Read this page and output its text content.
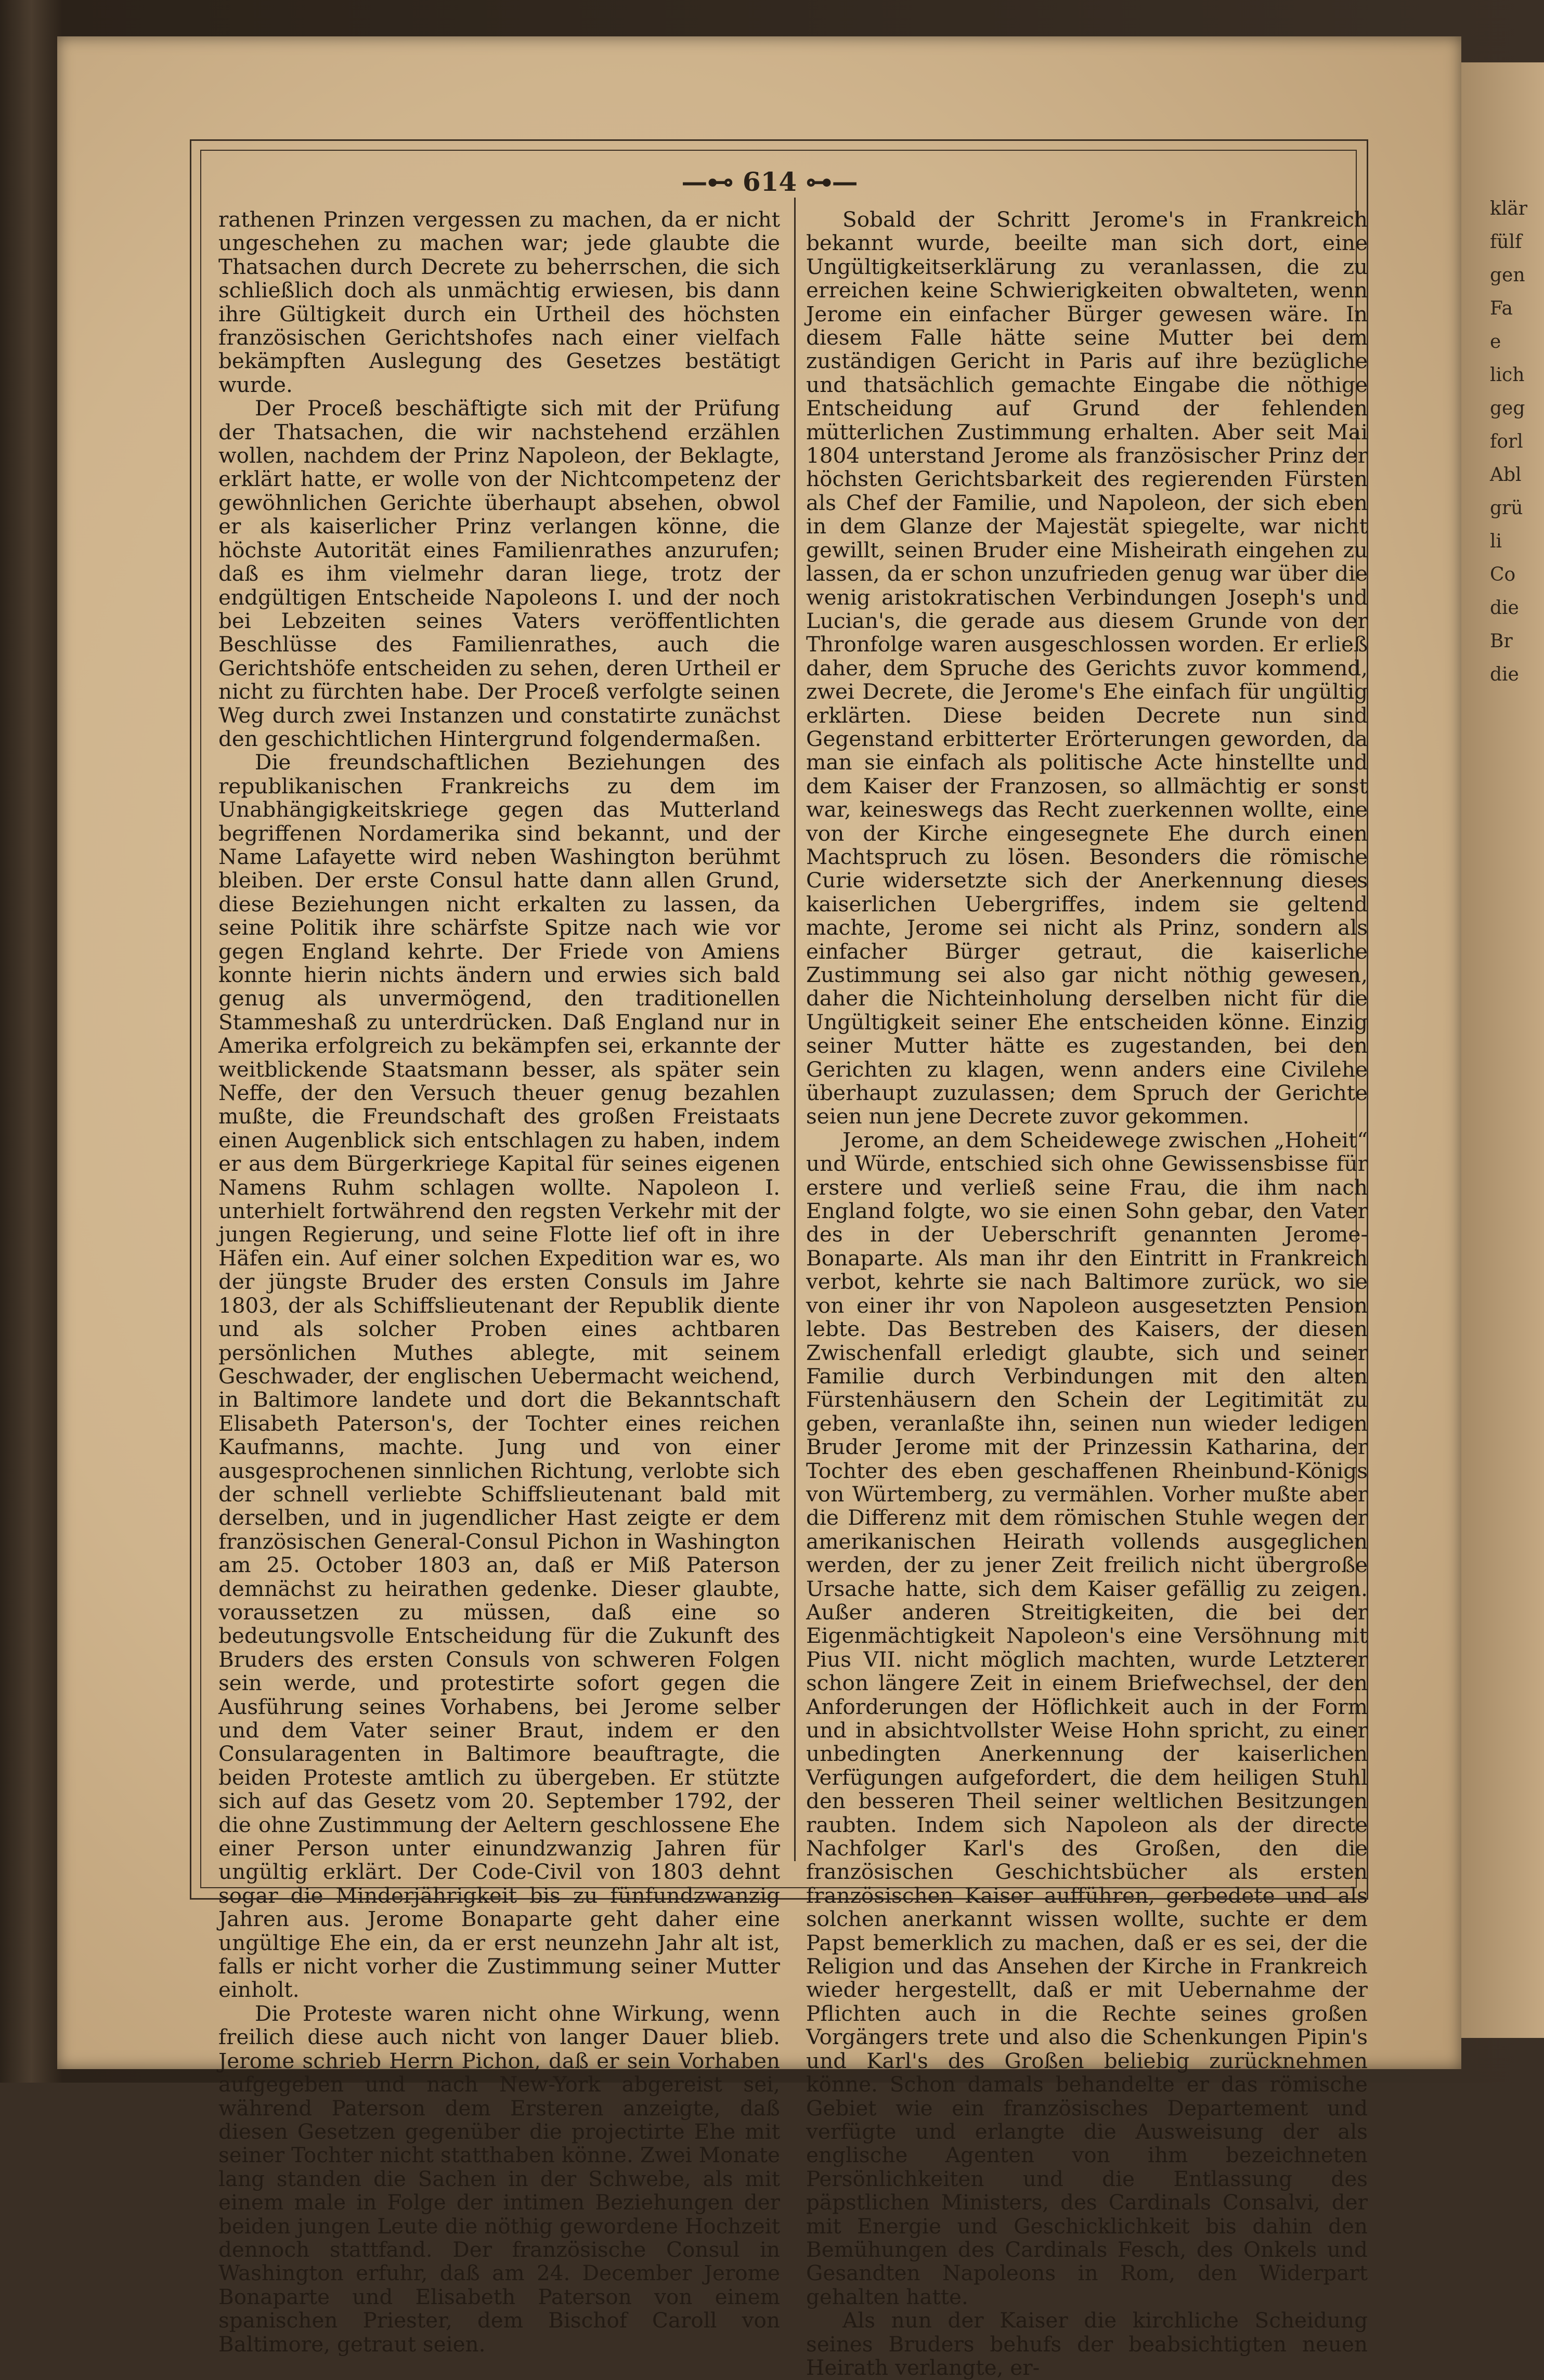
klär
fülf
gen
Fa
e
lich
geg
forl
Abl
grü
li
Co
die
Br
die
—⊷ 614 ⊶—

rathenen Prinzen vergessen zu machen, da er nicht ungeschehen zu machen war; jede glaubte die Thatsachen durch Decrete zu beherrschen, die sich schließlich doch als unmächtig erwiesen, bis dann ihre Gültigkeit durch ein Urtheil des höchsten französischen Gerichtshofes nach einer vielfach bekämpften Auslegung des Gesetzes bestätigt wurde.

Der Proceß beschäftigte sich mit der Prüfung der Thatsachen, die wir nachstehend erzählen wollen, nachdem der Prinz Napoleon, der Beklagte, erklärt hatte, er wolle von der Nichtcompetenz der gewöhnlichen Gerichte überhaupt absehen, obwol er als kaiserlicher Prinz verlangen könne, die höchste Autorität eines Familienrathes anzurufen; daß es ihm vielmehr daran liege, trotz der endgültigen Entscheide Napoleons I. und der noch bei Lebzeiten seines Vaters veröffentlichten Beschlüsse des Familienrathes, auch die Gerichtshöfe entscheiden zu sehen, deren Urtheil er nicht zu fürchten habe. Der Proceß verfolgte seinen Weg durch zwei Instanzen und constatirte zunächst den geschichtlichen Hintergrund folgendermaßen.

Die freundschaftlichen Beziehungen des republikanischen Frankreichs zu dem im Unabhängigkeitskriege gegen das Mutterland begriffenen Nordamerika sind bekannt, und der Name Lafayette wird neben Washington berühmt bleiben. Der erste Consul hatte dann allen Grund, diese Beziehungen nicht erkalten zu lassen, da seine Politik ihre schärfste Spitze nach wie vor gegen England kehrte. Der Friede von Amiens konnte hierin nichts ändern und erwies sich bald genug als unvermögend, den traditionellen Stammeshaß zu unterdrücken. Daß England nur in Amerika erfolgreich zu bekämpfen sei, erkannte der weitblickende Staatsmann besser, als später sein Neffe, der den Versuch theuer genug bezahlen mußte, die Freundschaft des großen Freistaats einen Augenblick sich entschlagen zu haben, indem er aus dem Bürgerkriege Kapital für seines eigenen Namens Ruhm schlagen wollte. Napoleon I. unterhielt fortwährend den regsten Verkehr mit der jungen Regierung, und seine Flotte lief oft in ihre Häfen ein. Auf einer solchen Expedition war es, wo der jüngste Bruder des ersten Consuls im Jahre 1803, der als Schiffslieutenant der Republik diente und als solcher Proben eines achtbaren persönlichen Muthes ablegte, mit seinem Geschwader, der englischen Uebermacht weichend, in Baltimore landete und dort die Bekanntschaft Elisabeth Paterson's, der Tochter eines reichen Kaufmanns, machte. Jung und von einer ausgesprochenen sinnlichen Richtung, verlobte sich der schnell verliebte Schiffslieutenant bald mit derselben, und in jugendlicher Hast zeigte er dem französischen General-Consul Pichon in Washington am 25. October 1803 an, daß er Miß Paterson demnächst zu heirathen gedenke. Dieser glaubte, voraussetzen zu müssen, daß eine so bedeutungsvolle Entscheidung für die Zukunft des Bruders des ersten Consuls von schweren Folgen sein werde, und protestirte sofort gegen die Ausführung seines Vorhabens, bei Jerome selber und dem Vater seiner Braut, indem er den Consularagenten in Baltimore beauftragte, die beiden Proteste amtlich zu übergeben. Er stützte sich auf das Gesetz vom 20. September 1792, der die ohne Zustimmung der Aeltern geschlossene Ehe einer Person unter einundzwanzig Jahren für ungültig erklärt. Der Code-Civil von 1803 dehnt sogar die Minderjährigkeit bis zu fünfundzwanzig Jahren aus. Jerome Bonaparte geht daher eine ungültige Ehe ein, da er erst neunzehn Jahr alt ist, falls er nicht vorher die Zustimmung seiner Mutter einholt.

Die Proteste waren nicht ohne Wirkung, wenn freilich diese auch nicht von langer Dauer blieb. Jerome schrieb Herrn Pichon, daß er sein Vorhaben aufgegeben und nach New-York abgereist sei, während Paterson dem Ersteren anzeigte, daß diesen Gesetzen gegenüber die projectirte Ehe mit seiner Tochter nicht statthaben könne. Zwei Monate lang standen die Sachen in der Schwebe, als mit einem male in Folge der intimen Beziehungen der beiden jungen Leute die nöthig gewordene Hochzeit dennoch stattfand. Der französische Consul in Washington erfuhr, daß am 24. December Jerome Bonaparte und Elisabeth Paterson von einem spanischen Priester, dem Bischof Caroll von Baltimore, getraut seien.

Sobald der Schritt Jerome's in Frankreich bekannt wurde, beeilte man sich dort, eine Ungültigkeitserklärung zu veranlassen, die zu erreichen keine Schwierigkeiten obwalteten, wenn Jerome ein einfacher Bürger gewesen wäre. In diesem Falle hätte seine Mutter bei dem zuständigen Gericht in Paris auf ihre bezügliche und thatsächlich gemachte Eingabe die nöthige Entscheidung auf Grund der fehlenden mütterlichen Zustimmung erhalten. Aber seit Mai 1804 unterstand Jerome als französischer Prinz der höchsten Gerichtsbarkeit des regierenden Fürsten als Chef der Familie, und Napoleon, der sich eben in dem Glanze der Majestät spiegelte, war nicht gewillt, seinen Bruder eine Misheirath eingehen zu lassen, da er schon unzufrieden genug war über die wenig aristokratischen Verbindungen Joseph's und Lucian's, die gerade aus diesem Grunde von der Thronfolge waren ausgeschlossen worden. Er erließ daher, dem Spruche des Gerichts zuvor kommend, zwei Decrete, die Jerome's Ehe einfach für ungültig erklärten. Diese beiden Decrete nun sind Gegenstand erbitterter Erörterungen geworden, da man sie einfach als politische Acte hinstellte und dem Kaiser der Franzosen, so allmächtig er sonst war, keineswegs das Recht zuerkennen wollte, eine von der Kirche eingesegnete Ehe durch einen Machtspruch zu lösen. Besonders die römische Curie widersetzte sich der Anerkennung dieses kaiserlichen Uebergriffes, indem sie geltend machte, Jerome sei nicht als Prinz, sondern als einfacher Bürger getraut, die kaiserliche Zustimmung sei also gar nicht nöthig gewesen, daher die Nichteinholung derselben nicht für die Ungültigkeit seiner Ehe entscheiden könne. Einzig seiner Mutter hätte es zugestanden, bei den Gerichten zu klagen, wenn anders eine Civilehe überhaupt zuzulassen; dem Spruch der Gerichte seien nun jene Decrete zuvor gekommen.

Jerome, an dem Scheidewege zwischen „Hoheit“ und Würde, entschied sich ohne Gewissensbisse für erstere und verließ seine Frau, die ihm nach England folgte, wo sie einen Sohn gebar, den Vater des in der Ueberschrift genannten Jerome-Bonaparte. Als man ihr den Eintritt in Frankreich verbot, kehrte sie nach Baltimore zurück, wo sie von einer ihr von Napoleon ausgesetzten Pension lebte. Das Bestreben des Kaisers, der diesen Zwischenfall erledigt glaubte, sich und seiner Familie durch Verbindungen mit den alten Fürstenhäusern den Schein der Legitimität zu geben, veranlaßte ihn, seinen nun wieder ledigen Bruder Jerome mit der Prinzessin Katharina, der Tochter des eben geschaffenen Rheinbund-Königs von Würtemberg, zu vermählen. Vorher mußte aber die Differenz mit dem römischen Stuhle wegen der amerikanischen Heirath vollends ausgeglichen werden, der zu jener Zeit freilich nicht übergroße Ursache hatte, sich dem Kaiser gefällig zu zeigen. Außer anderen Streitigkeiten, die bei der Eigenmächtigkeit Napoleon's eine Versöhnung mit Pius VII. nicht möglich machten, wurde Letzterer schon längere Zeit in einem Briefwechsel, der den Anforderungen der Höflichkeit auch in der Form und in absichtvollster Weise Hohn spricht, zu einer unbedingten Anerkennung der kaiserlichen Verfügungen aufgefordert, die dem heiligen Stuhl den besseren Theil seiner weltlichen Besitzungen raubten. Indem sich Napoleon als der directe Nachfolger Karl's des Großen, den die französischen Geschichtsbücher als ersten französischen Kaiser aufführen, gerbedete und als solchen anerkannt wissen wollte, suchte er dem Papst bemerklich zu machen, daß er es sei, der die Religion und das Ansehen der Kirche in Frankreich wieder hergestellt, daß er mit Uebernahme der Pflichten auch in die Rechte seines großen Vorgängers trete und also die Schenkungen Pipin's und Karl's des Großen beliebig zurücknehmen könne. Schon damals behandelte er das römische Gebiet wie ein französisches Departement und verfügte und erlangte die Ausweisung der als englische Agenten von ihm bezeichneten Persönlichkeiten und die Entlassung des päpstlichen Ministers, des Cardinals Consalvi, der mit Energie und Geschicklichkeit bis dahin den Bemühungen des Cardinals Fesch, des Onkels und Gesandten Napoleons in Rom, den Widerpart gehalten hatte.

Als nun der Kaiser die kirchliche Scheidung seines Bruders behufs der beabsichtigten neuen Heirath verlangte, er-
